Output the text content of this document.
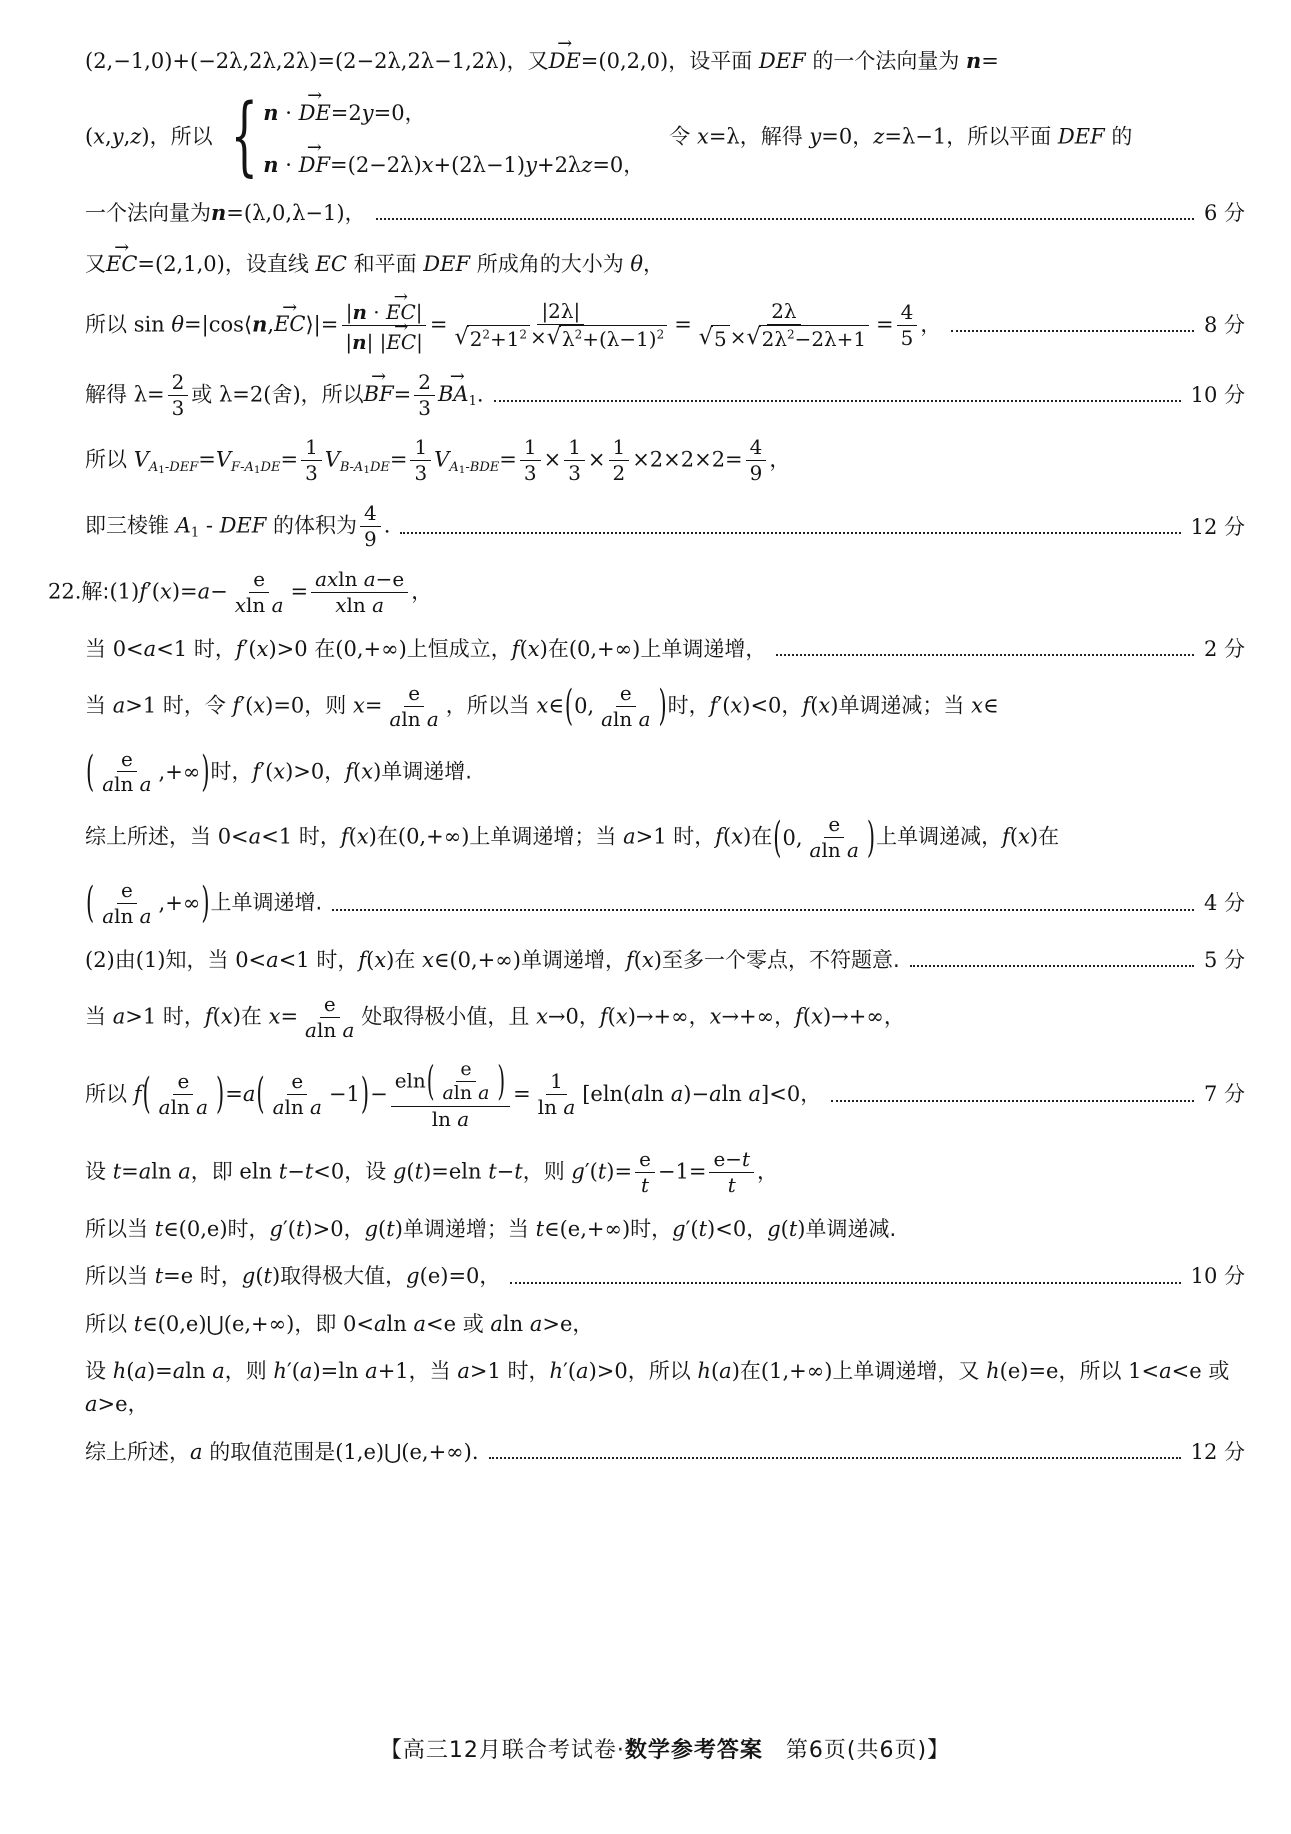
(2,−1,0)+(−2λ,2λ,2λ)=(2−2λ,2λ−1,2λ)，又→ DE=(0,2,0)，设平面 DEF 的一个法向量为 n=
(x,y,z)，所以 { n · → DE=2y=0，
n · → DF=(2−2λ)x+(2λ−1)y+2λz=0，
　令 x=λ，解得 y=0，z=λ−1，所以平面 DEF 的
一个法向量为n=(λ,0,λ−1)，	6 分
又→ EC=(2,1,0)，设直线 EC 和平面 DEF 所成角的大小为 θ，
所以 sin θ=|cos⟨n,→ EC⟩|= $\frac{|n \cdot \to EC|}{|n| |\to EC|} = \frac{|2\lambda|}{√ 2^2+1^2 \times √ \lambda^2+(\lambda-1)^2} = \frac{2\lambda}{√ 5 \times √ 2\lambda^2-2\lambda+1} = \frac{4}{5}$ ，	8 分
解得 $\lambda= \frac{2}{3}$ 或 λ=2(舍)，所以→ $BF= \frac{2}{3} \to BA_1$.	10 分
所以 $V_{A_1-DEF}=V_{F-A_1DE}= \frac{1}{3} V_{B-A_1DE}= \frac{1}{3} V_{A_1-BDE}= \frac{1}{3} \times \frac{1}{3} \times \frac{1}{2} \times 2\times 2\times 2= \frac{4}{9}$ ，
即三棱锥 $A_1$ - DEF 的体积为 $\frac{4}{9}$ .	12 分
22.解:(1)f′(x)=a− $\frac{e}{\text{xln a}} = \frac{\text{axln a−e}}{\text{xln a}}$ ，
当 0<a<1 时，f′(x)>0 在(0,+∞)上恒成立，f(x)在(0,+∞)上单调递增，	2 分
当 a>1 时，令 f′(x)=0，则 $x= \frac{e}{\text{aln a}}$ ，所以当 x∈ ( 0, $\frac{e}{\text{aln a}}$ ) 时，f′(x)<0，f(x)单调递减；当 x∈
( $\frac{e}{\text{aln a}}$ ,+∞ ) 时，f′(x)>0，f(x)单调递增.
综上所述，当 0<a<1 时，f(x)在(0,+∞)上单调递增；当 a>1 时，f(x)在 ( 0, $\frac{e}{\text{aln a}}$ ) 上单调递减，f(x)在
( $\frac{e}{\text{aln a}}$ ,+∞ ) 上单调递增.	4 分
(2)由(1)知，当 0<a<1 时，f(x)在 x∈(0,+∞)单调递增，f(x)至多一个零点，不符题意.	5 分
当 a>1 时，f(x)在 $x= \frac{e}{\text{aln a}}$ 处取得极小值，且 x→0，f(x)→+∞，x→+∞，f(x)→+∞，
所以 f ( $\frac{e}{\text{aln a}}$ ) =a ( $\frac{e}{\text{aln a}} -1$ ) − $\frac{eln ( \frac{e}{\text{aln a}} )}{\text{ln a}} = \frac{1}{\text{ln a}} [eln(aln$ a)−aln a]<0，	7 分
设 t=aln a，即 eln t−t<0，设 g(t)=eln t−t，则 $g'(t)= \frac{e}{t} -1= \frac{e-t}{t}$ ，
所以当 t∈(0,e)时，g′(t)>0，g(t)单调递增；当 t∈(e,+∞)时，g′(t)<0，g(t)单调递减.
所以当 t=e 时，g(t)取得极大值，g(e)=0，	10 分
所以 t∈(0,e)⋃(e,+∞)，即 0<aln a<e 或 aln a>e，
设 h(a)=aln a，则 h′(a)=ln a+1，当 a>1 时，h′(a)>0，所以 h(a)在(1,+∞)上单调递增，又 h(e)=e，所以 1<a<e 或 a>e，
综上所述，a 的取值范围是(1,e)⋃(e,+∞).	12 分
【高三12月联合考试卷·数学参考答案　第6页(共6页)】
